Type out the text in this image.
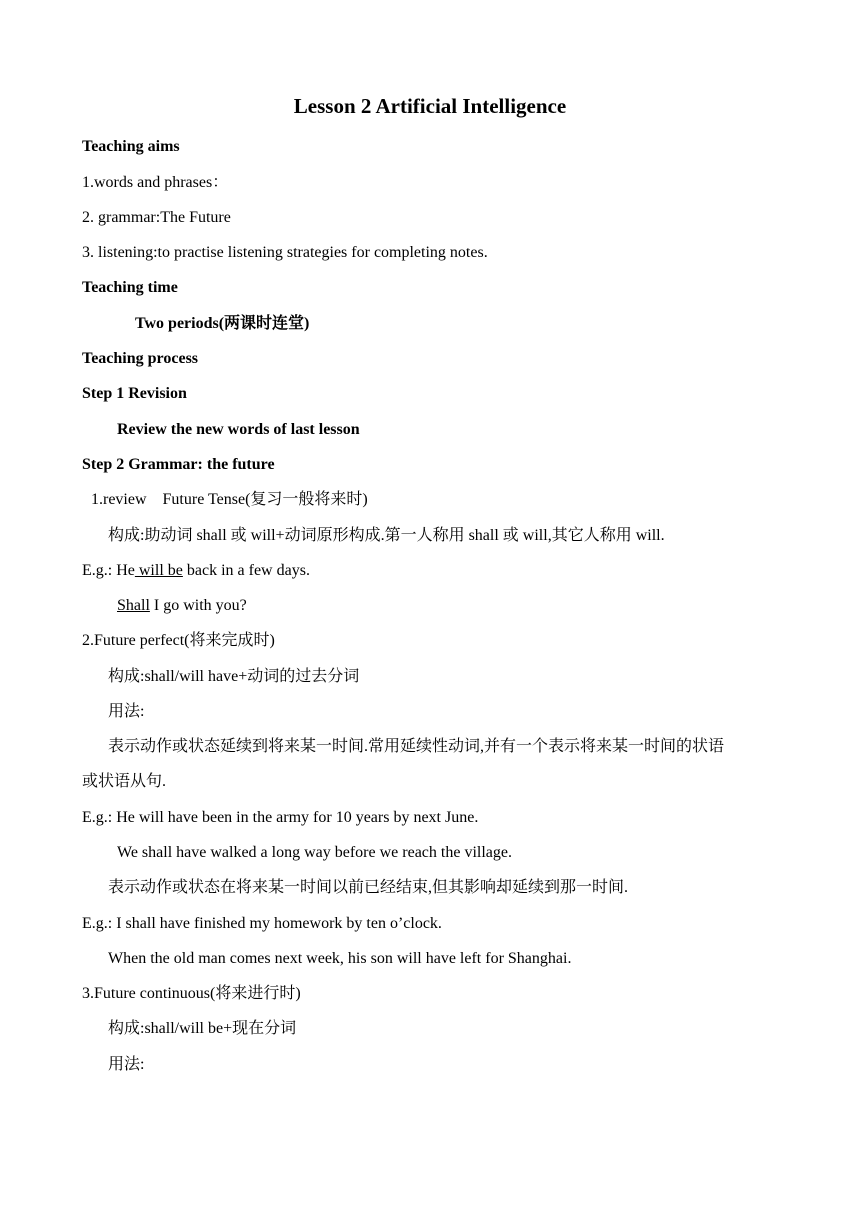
Lesson 2 Artificial Intelligence
Teaching aims
1.words and phrases：
2. grammar:The Future
3. listening:to practise listening strategies for completing notes.
Teaching time
Two periods(两课时连堂)
Teaching process
Step 1 Revision
Review the new words of last lesson
Step 2 Grammar: the future
1.review    Future Tense(复习一般将来时)
构成:助动词 shall 或 will+动词原形构成.第一人称用 shall 或 will,其它人称用 will.
E.g.: He will be back in a few days.
Shall I go with you?
2.Future perfect(将来完成时)
构成:shall/will have+动词的过去分词
用法:
表示动作或状态延续到将来某一时间.常用延续性动词,并有一个表示将来某一时间的状语
或状语从句.
E.g.: He will have been in the army for 10 years by next June.
We shall have walked a long way before we reach the village.
表示动作或状态在将来某一时间以前已经结束,但其影响却延续到那一时间.
E.g.: I shall have finished my homework by ten o’clock.
When the old man comes next week, his son will have left for Shanghai.
3.Future continuous(将来进行时)
构成:shall/will be+现在分词
用法:
